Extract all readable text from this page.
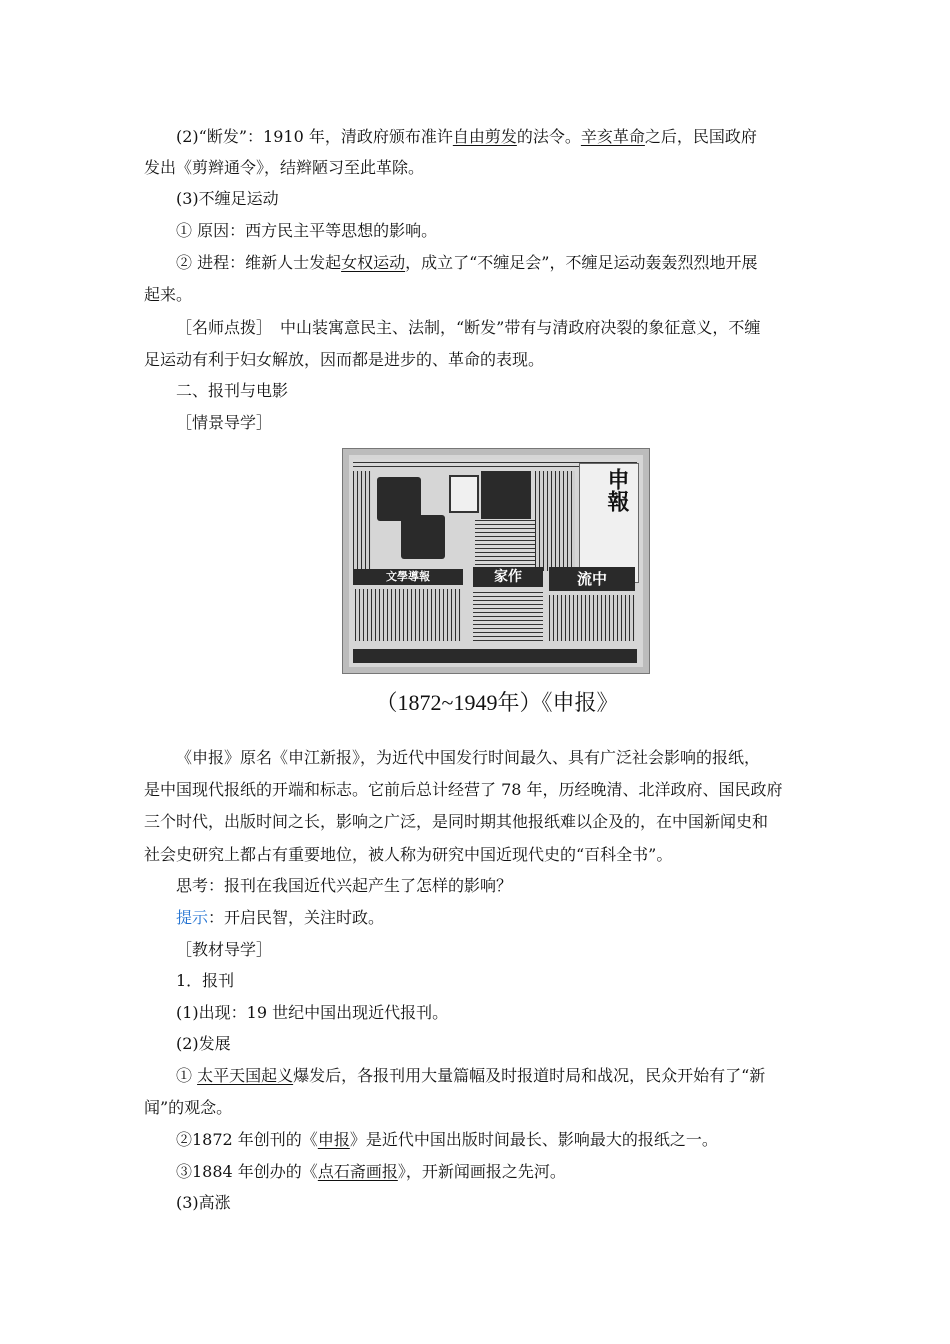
(2)“断发”：1910 年，清政府颁布准许自由剪发的法令。辛亥革命之后，民国政府
发出《剪辫通令》，结辫陋习至此革除。
(3)不缠足运动
① 原因：西方民主平等思想的影响。
② 进程：维新人士发起女权运动，成立了“不缠足会”，不缠足运动轰轰烈烈地开展
起来。
［名师点拨］　中山装寓意民主、法制，“断发”带有与清政府决裂的象征意义，不缠
足运动有利于妇女解放，因而都是进步的、革命的表现。
二、报刊与电影
［情景导学］
申報
文學導報	家作	流中
（1872~1949年）《申报》
《申报》原名《申江新报》，为近代中国发行时间最久、具有广泛社会影响的报纸，
是中国现代报纸的开端和标志。它前后总计经营了 78 年，历经晚清、北洋政府、国民政府
三个时代，出版时间之长，影响之广泛，是同时期其他报纸难以企及的，在中国新闻史和
社会史研究上都占有重要地位，被人称为研究中国近现代史的“百科全书”。
思考：报刊在我国近代兴起产生了怎样的影响？
提示：开启民智，关注时政。
［教材导学］
1．报刊
(1)出现：19 世纪中国出现近代报刊。
(2)发展
① 太平天国起义爆发后，各报刊用大量篇幅及时报道时局和战况，民众开始有了“新
闻”的观念。
②1872 年创刊的《申报》是近代中国出版时间最长、影响最大的报纸之一。
③1884 年创办的《点石斋画报》，开新闻画报之先河。
(3)高涨
